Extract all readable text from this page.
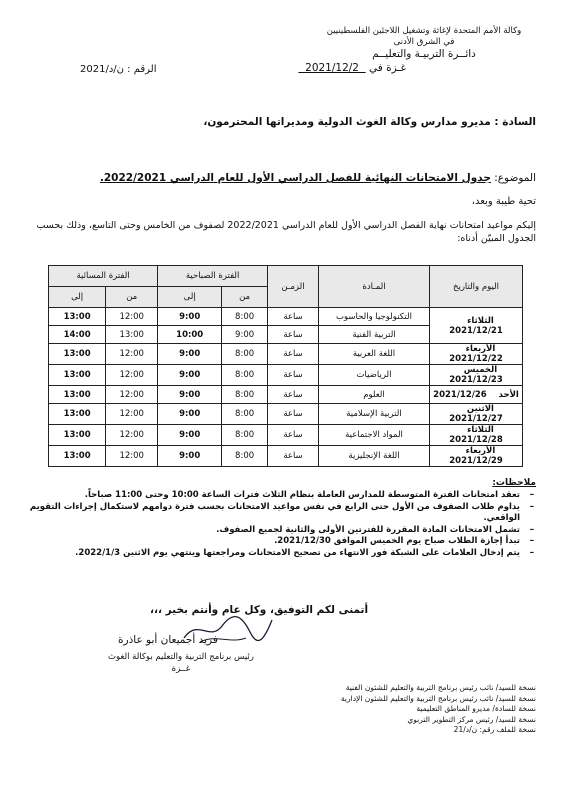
وكالة الأمم المتحدة لإغاثة وتشغيل اللاجئين الفلسطينيين
في الشرق الأدنى
دائــرة التربيـة والتعليــم
الرقم : ن/د/2021	غـزة في   2021/12/2
السادة : مديرو مدارس وكالة الغوث الدولية ومديراتها المحترمون،
الموضوع: جدول الامتحانات النهائية للفصل الدراسي الأول للعام الدراسي 2022/2021.
تحية طيبة وبعد،
إليكم مواعيد امتحانات نهاية الفصل الدراسي الأول للعام الدراسي 2022/2021 لصفوف من الخامس وحتى التاسع، وذلك بحسب الجدول المبيّن أدناه:
اليوم والتاريخ	المـادة	الزمـن	الفترة الصباحية		الفترة المسائية	
			من	إلى	من	إلى
الثلاثاء    2021/12/21	التكنولوجيا والحاسوب	ساعة	8:00	9:00	12:00	13:00
	التربية الفنية	ساعة	9:00	10:00	13:00	14:00
الأربعاء    2021/12/22	اللغة العربية	ساعة	8:00	9:00	12:00	13:00
الخميس    2021/12/23	الرياضيات	ساعة	8:00	9:00	12:00	13:00
الأحد    2021/12/26	العلوم	ساعة	8:00	9:00	12:00	13:00
الاثنين    2021/12/27	التربية الإسلامية	ساعة	8:00	9:00	12:00	13:00
الثلاثاء    2021/12/28	المواد الاجتماعية	ساعة	8:00	9:00	12:00	13:00
الأربعاء    2021/12/29	اللغة الإنجليزية	ساعة	8:00	9:00	12:00	13:00
ملاحظات:
– تعقد امتحانات الفترة المتوسطة للمدارس العاملة بنظام الثلاث فترات الساعة 10:00 وحتى 11:00 صباحاً.
– يداوم طلاب الصفوف من الأول حتى الرابع في نفس مواعيد الامتحانات بحسب فترة دوامهم لاستكمال إجراءات التقويم الواقعي.
– تشمل الامتحانات المادة المقررة للفترتين الأولى والثانية لجميع الصفوف.
– تبدأ إجازة الطلاب صباح يوم الخميس الموافق 2021/12/30.
– يتم إدخال العلامات على الشبكة فور الانتهاء من تصحيح الامتحانات ومراجعتها وينتهي يوم الاثنين 2022/1/3.
أتمنى لكم التوفيق، وكل عام وأنتم بخير ،،،
فريد أجميعان أبو عاذرة
رئيس برنامج التربية والتعليم بوكالة الغوث
غــزة
نسخة للسيد/ نائب رئيس برنامج التربية والتعليم للشئون الفنية
نسخة للسيد/ نائب رئيس برنامج التربية والتعليم للشئون الإدارية
نسخة للسادة/ مديرو المناطق التعليمية
نسخة للسيد/ رئيس مركز التطوير التربوي
نسخة للملف رقم: ن/د/21
